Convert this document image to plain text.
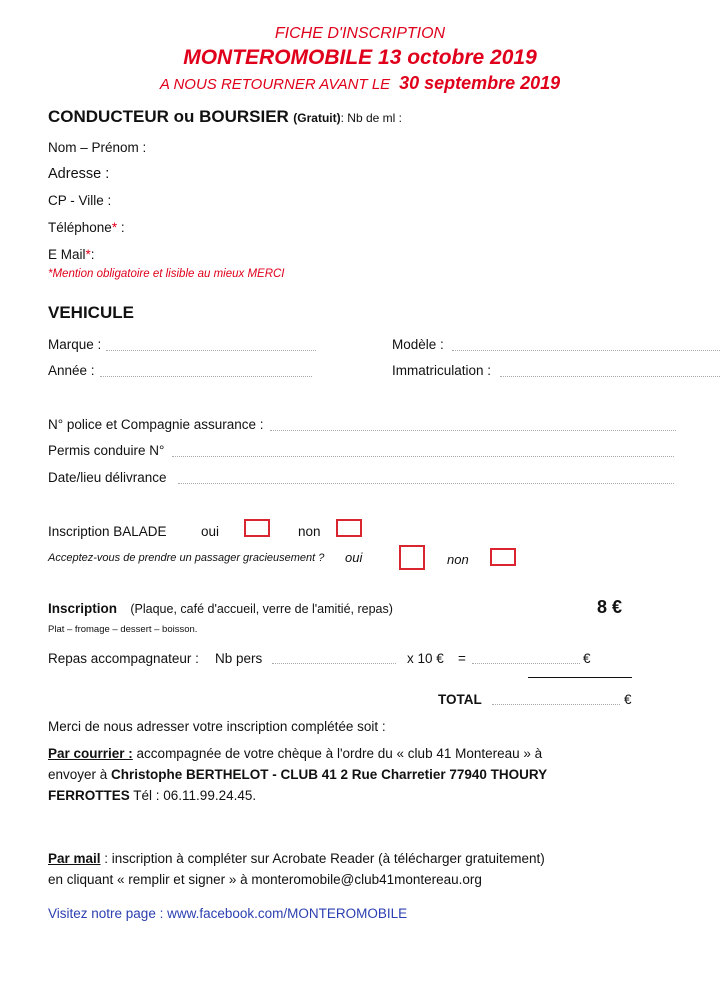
FICHE D'INSCRIPTION
MONTEROMOBILE 13 octobre 2019
A NOUS RETOURNER AVANT LE 30 septembre 2019
CONDUCTEUR ou BOURSIER (Gratuit): Nb de ml :
Nom – Prénom :
Adresse :
CP - Ville :
Téléphone* :
E Mail*:
*Mention obligatoire et lisible au mieux MERCI
VEHICULE
Marque :	Modèle :
Année :	Immatriculation :
N° police et Compagnie assurance :
Permis conduire N°
Date/lieu délivrance
Inscription BALADE	oui	non
Acceptez-vous de prendre un passager gracieusement ? oui	non
Inscription (Plaque, café d'accueil, verre de l'amitié, repas)	8 €
Plat – fromage – dessert – boisson.
Repas accompagnateur : Nb pers	x 10 € =	€
TOTAL	€
Merci de nous adresser votre inscription complétée soit :
Par courrier : accompagnée de votre chèque à l'ordre du « club 41 Montereau » à
envoyer à Christophe BERTHELOT - CLUB 41 2 Rue Charretier 77940 THOURY
FERROTTES Tél : 06.11.99.24.45.
Par mail : inscription à compléter sur Acrobate Reader (à télécharger gratuitement)
en cliquant « remplir et signer » à monteromobile@club41montereau.org
Visitez notre page : www.facebook.com/MONTEROMOBILE
